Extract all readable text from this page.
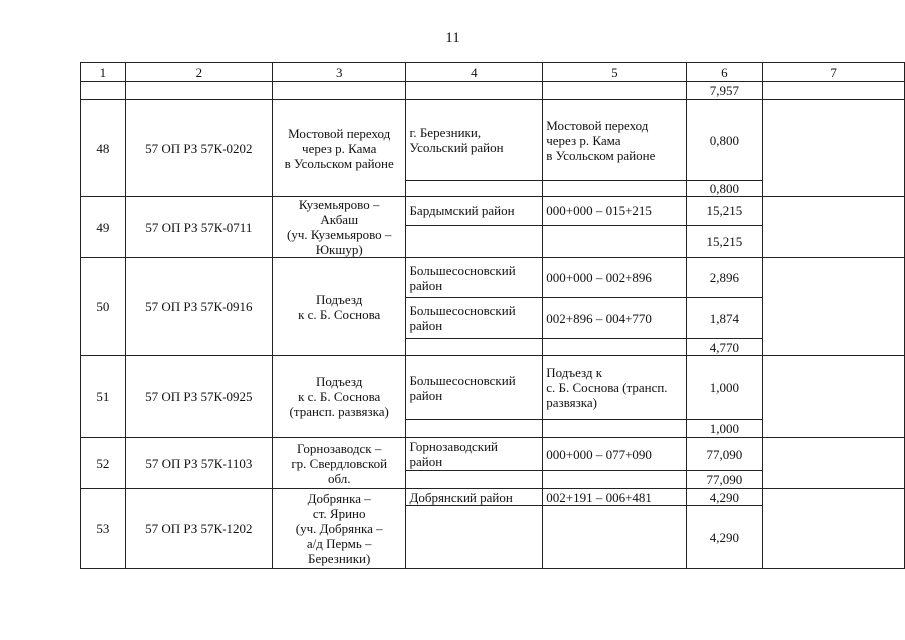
11
1	2	3	4	5	6	7
					7,957	
48	57 ОП РЗ 57К-0202	Мостовой переход
через р. Кама
в Усольском районе	г. Березники,
Усольский район	Мостовой переход
через р. Кама
в Усольском районе	0,800	
					0,800	
49	57 ОП РЗ 57К-0711	Куземьярово –
Акбаш
(уч. Куземьярово –
Юкшур)	Бардымский район	000+000 – 015+215	15,215	
					15,215	
50	57 ОП РЗ 57К-0916	Подъезд
к с. Б. Соснова	Большесосновский
район	000+000 – 002+896	2,896	
			Большесосновский
район	002+896 – 004+770	1,874	
					4,770	
51	57 ОП РЗ 57К-0925	Подъезд
к с. Б. Соснова
(трансп. развязка)	Большесосновский
район	Подъезд к
с. Б. Соснова (трансп.
развязка)	1,000	
					1,000	
52	57 ОП РЗ 57К-1103	Горнозаводск –
гр. Свердловской
обл.	Горнозаводский
район	000+000 – 077+090	77,090	
					77,090	
53	57 ОП РЗ 57К-1202	Добрянка –
ст. Ярино
(уч. Добрянка –
а/д Пермь –
Березники)	Добрянский район	002+191 – 006+481	4,290	
					4,290	
